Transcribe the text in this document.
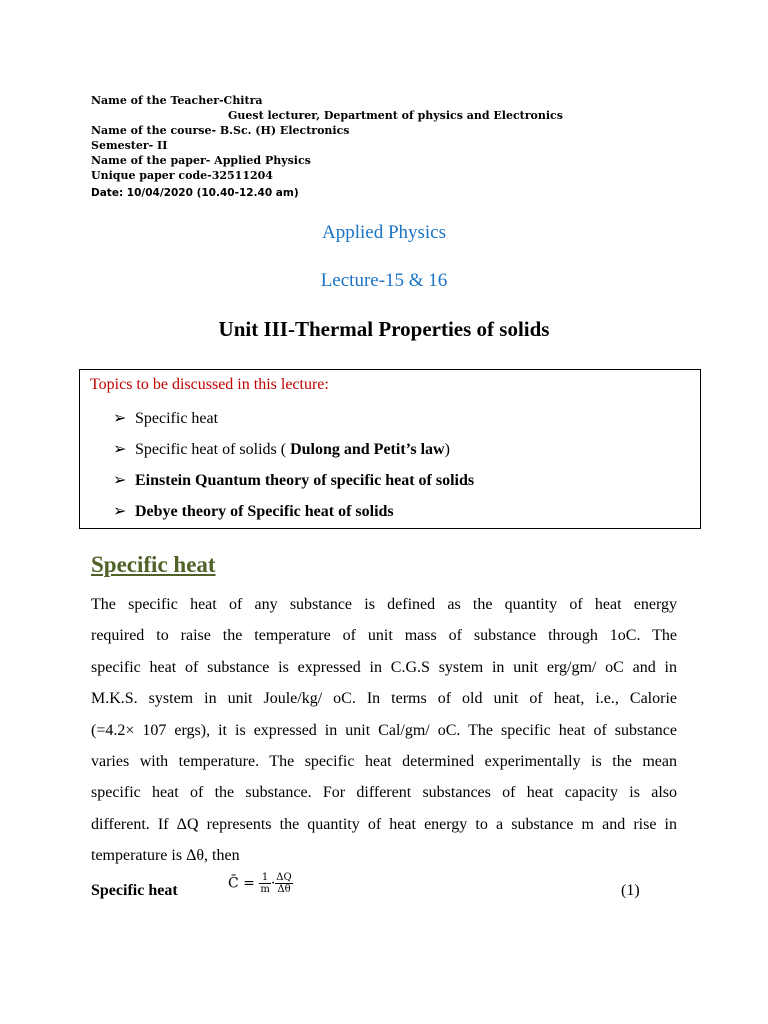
Name of the Teacher-Chitra
Guest lecturer, Department of physics and Electronics
Name of the course- B.Sc. (H) Electronics
Semester- II
Name of the paper- Applied Physics
Unique paper code-32511204
Date: 10/04/2020 (10.40-12.40 am)
Applied Physics
Lecture-15 & 16
Unit III-Thermal Properties of solids
Topics to be discussed in this lecture:
➢ Specific heat
➢ Specific heat of solids ( Dulong and Petit’s law)
➢ Einstein Quantum theory of specific heat of solids
➢ Debye theory of Specific heat of solids
Specific heat
The specific heat of any substance is defined as the quantity of heat energy
required to raise the temperature of unit mass of substance through 1oC. The
specific heat of substance is expressed in C.G.S system in unit erg/gm/ oC and in
M.K.S. system in unit Joule/kg/ oC. In terms of old unit of heat, i.e., Calorie
(=4.2× 107 ergs), it is expressed in unit Cal/gm/ oC. The specific heat of substance
varies with temperature. The specific heat determined experimentally is the mean
specific heat of the substance. For different substances of heat capacity is also
different. If ΔQ represents the quantity of heat energy to a substance m and rise in
temperature is Δθ, then
Specific heat	C̄ = $\frac{1}{m} \cdot \frac{\Delta Q}{\Delta\theta}$	(1)
